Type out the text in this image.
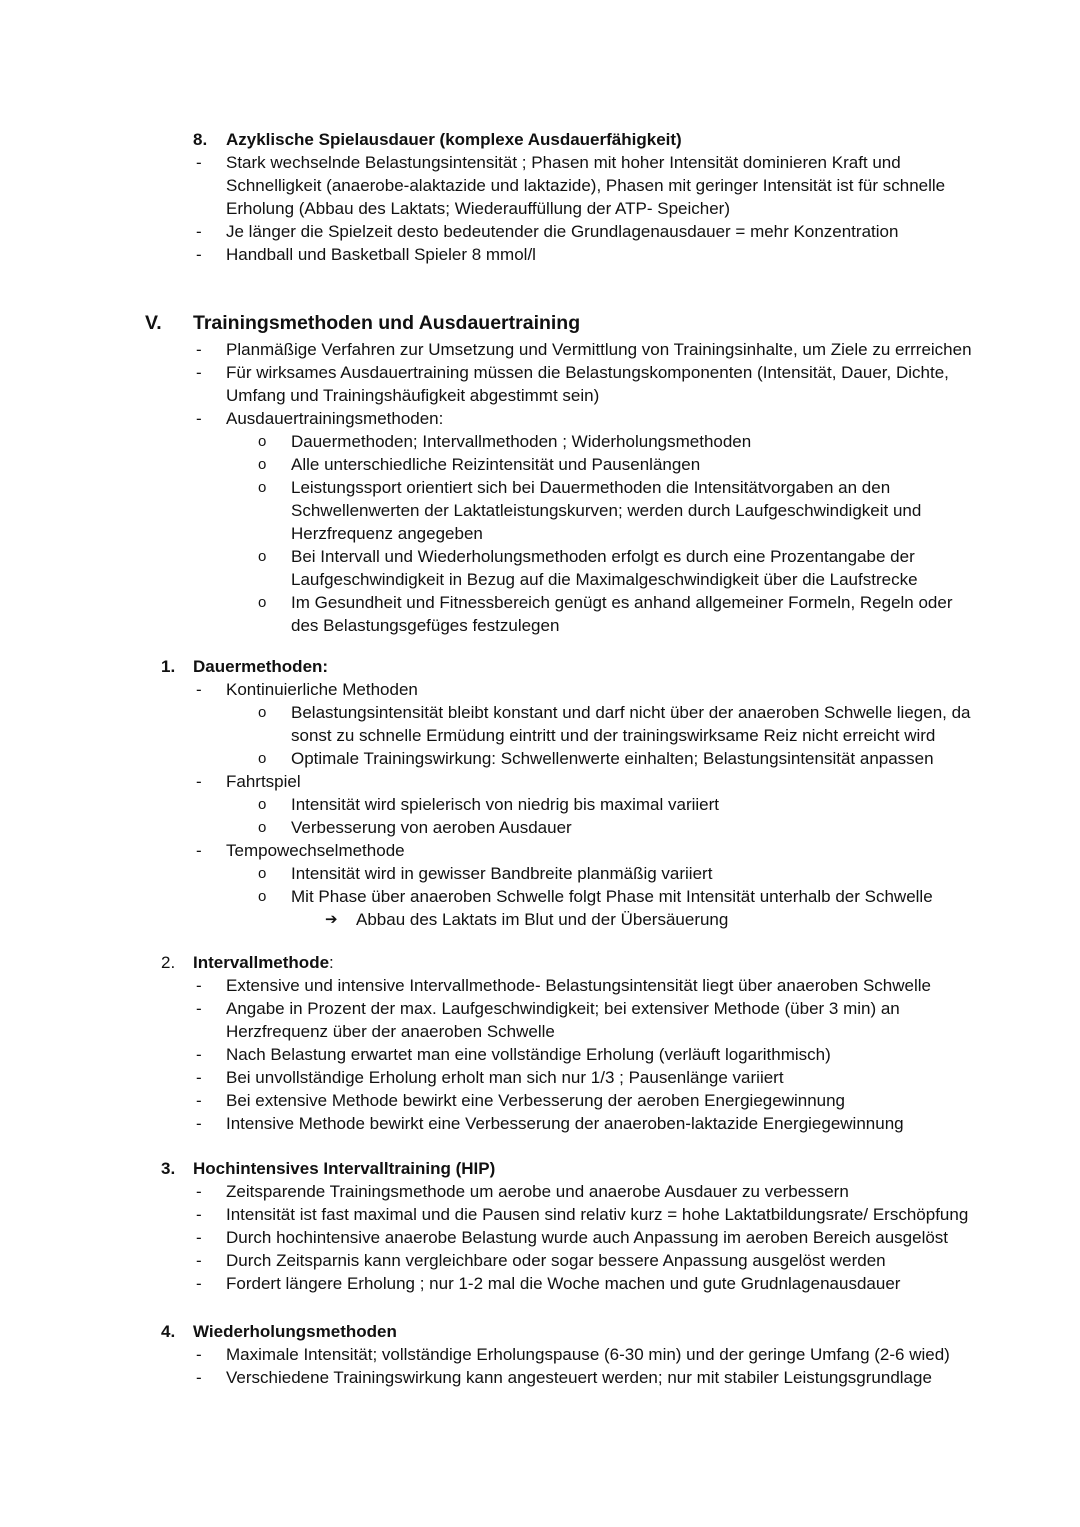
8. Azyklische Spielausdauer (komplexe Ausdauerfähigkeit)
- Stark wechselnde Belastungsintensität ; Phasen mit hoher Intensität dominieren Kraft und
Schnelligkeit (anaerobe-alaktazide und laktazide), Phasen mit geringer Intensität ist für schnelle
Erholung (Abbau des Laktats; Wiederauffüllung der ATP- Speicher)
- Je länger die Spielzeit desto bedeutender die Grundlagenausdauer = mehr Konzentration
- Handball und Basketball Spieler 8 mmol/l
V. Trainingsmethoden und Ausdauertraining
- Planmäßige Verfahren zur Umsetzung und Vermittlung von Trainingsinhalte, um Ziele zu errreichen
- Für wirksames Ausdauertraining müssen die Belastungskomponenten (Intensität, Dauer, Dichte,
Umfang und Trainingshäufigkeit abgestimmt sein)
- Ausdauertrainingsmethoden:
o Dauermethoden; Intervallmethoden ; Widerholungsmethoden
o Alle unterschiedliche Reizintensität und Pausenlängen
o Leistungssport orientiert sich bei Dauermethoden die Intensitätvorgaben an den
Schwellenwerten der Laktatleistungskurven; werden durch Laufgeschwindigkeit und
Herzfrequenz angegeben
o Bei Intervall und Wiederholungsmethoden erfolgt es durch eine Prozentangabe der
Laufgeschwindigkeit in Bezug auf die Maximalgeschwindigkeit über die Laufstrecke
o Im Gesundheit und Fitnessbereich genügt es anhand allgemeiner Formeln, Regeln oder
des Belastungsgefüges festzulegen
1. Dauermethoden:
- Kontinuierliche Methoden
o Belastungsintensität bleibt konstant und darf nicht über der anaeroben Schwelle liegen, da
sonst zu schnelle Ermüdung eintritt und der trainingswirksame Reiz nicht erreicht wird
o Optimale Trainingswirkung: Schwellenwerte einhalten; Belastungsintensität anpassen
- Fahrtspiel
o Intensität wird spielerisch von niedrig bis maximal variiert
o Verbesserung von aeroben Ausdauer
- Tempowechselmethode
o Intensität wird in gewisser Bandbreite planmäßig variiert
o Mit Phase über anaeroben Schwelle folgt Phase mit Intensität unterhalb der Schwelle
➔ Abbau des Laktats im Blut und der Übersäuerung
2. Intervallmethode:
- Extensive und intensive Intervallmethode- Belastungsintensität liegt über anaeroben Schwelle
- Angabe in Prozent der max. Laufgeschwindigkeit; bei extensiver Methode (über 3 min) an
Herzfrequenz über der anaeroben Schwelle
- Nach Belastung erwartet man eine vollständige Erholung (verläuft logarithmisch)
- Bei unvollständige Erholung erholt man sich nur 1/3 ; Pausenlänge variiert
- Bei extensive Methode bewirkt eine Verbesserung der aeroben Energiegewinnung
- Intensive Methode bewirkt eine Verbesserung der anaeroben-laktazide Energiegewinnung
3. Hochintensives Intervalltraining (HIP)
- Zeitsparende Trainingsmethode um aerobe und anaerobe Ausdauer zu verbessern
- Intensität ist fast maximal und die Pausen sind relativ kurz = hohe Laktatbildungsrate/ Erschöpfung
- Durch hochintensive anaerobe Belastung wurde auch Anpassung im aeroben Bereich ausgelöst
- Durch Zeitsparnis kann vergleichbare oder sogar bessere Anpassung ausgelöst werden
- Fordert längere Erholung ; nur 1-2 mal die Woche machen und gute Grudnlagenausdauer
4. Wiederholungsmethoden
- Maximale Intensität; vollständige Erholungspause (6-30 min) und der geringe Umfang (2-6 wied)
- Verschiedene Trainingswirkung kann angesteuert werden; nur mit stabiler Leistungsgrundlage
